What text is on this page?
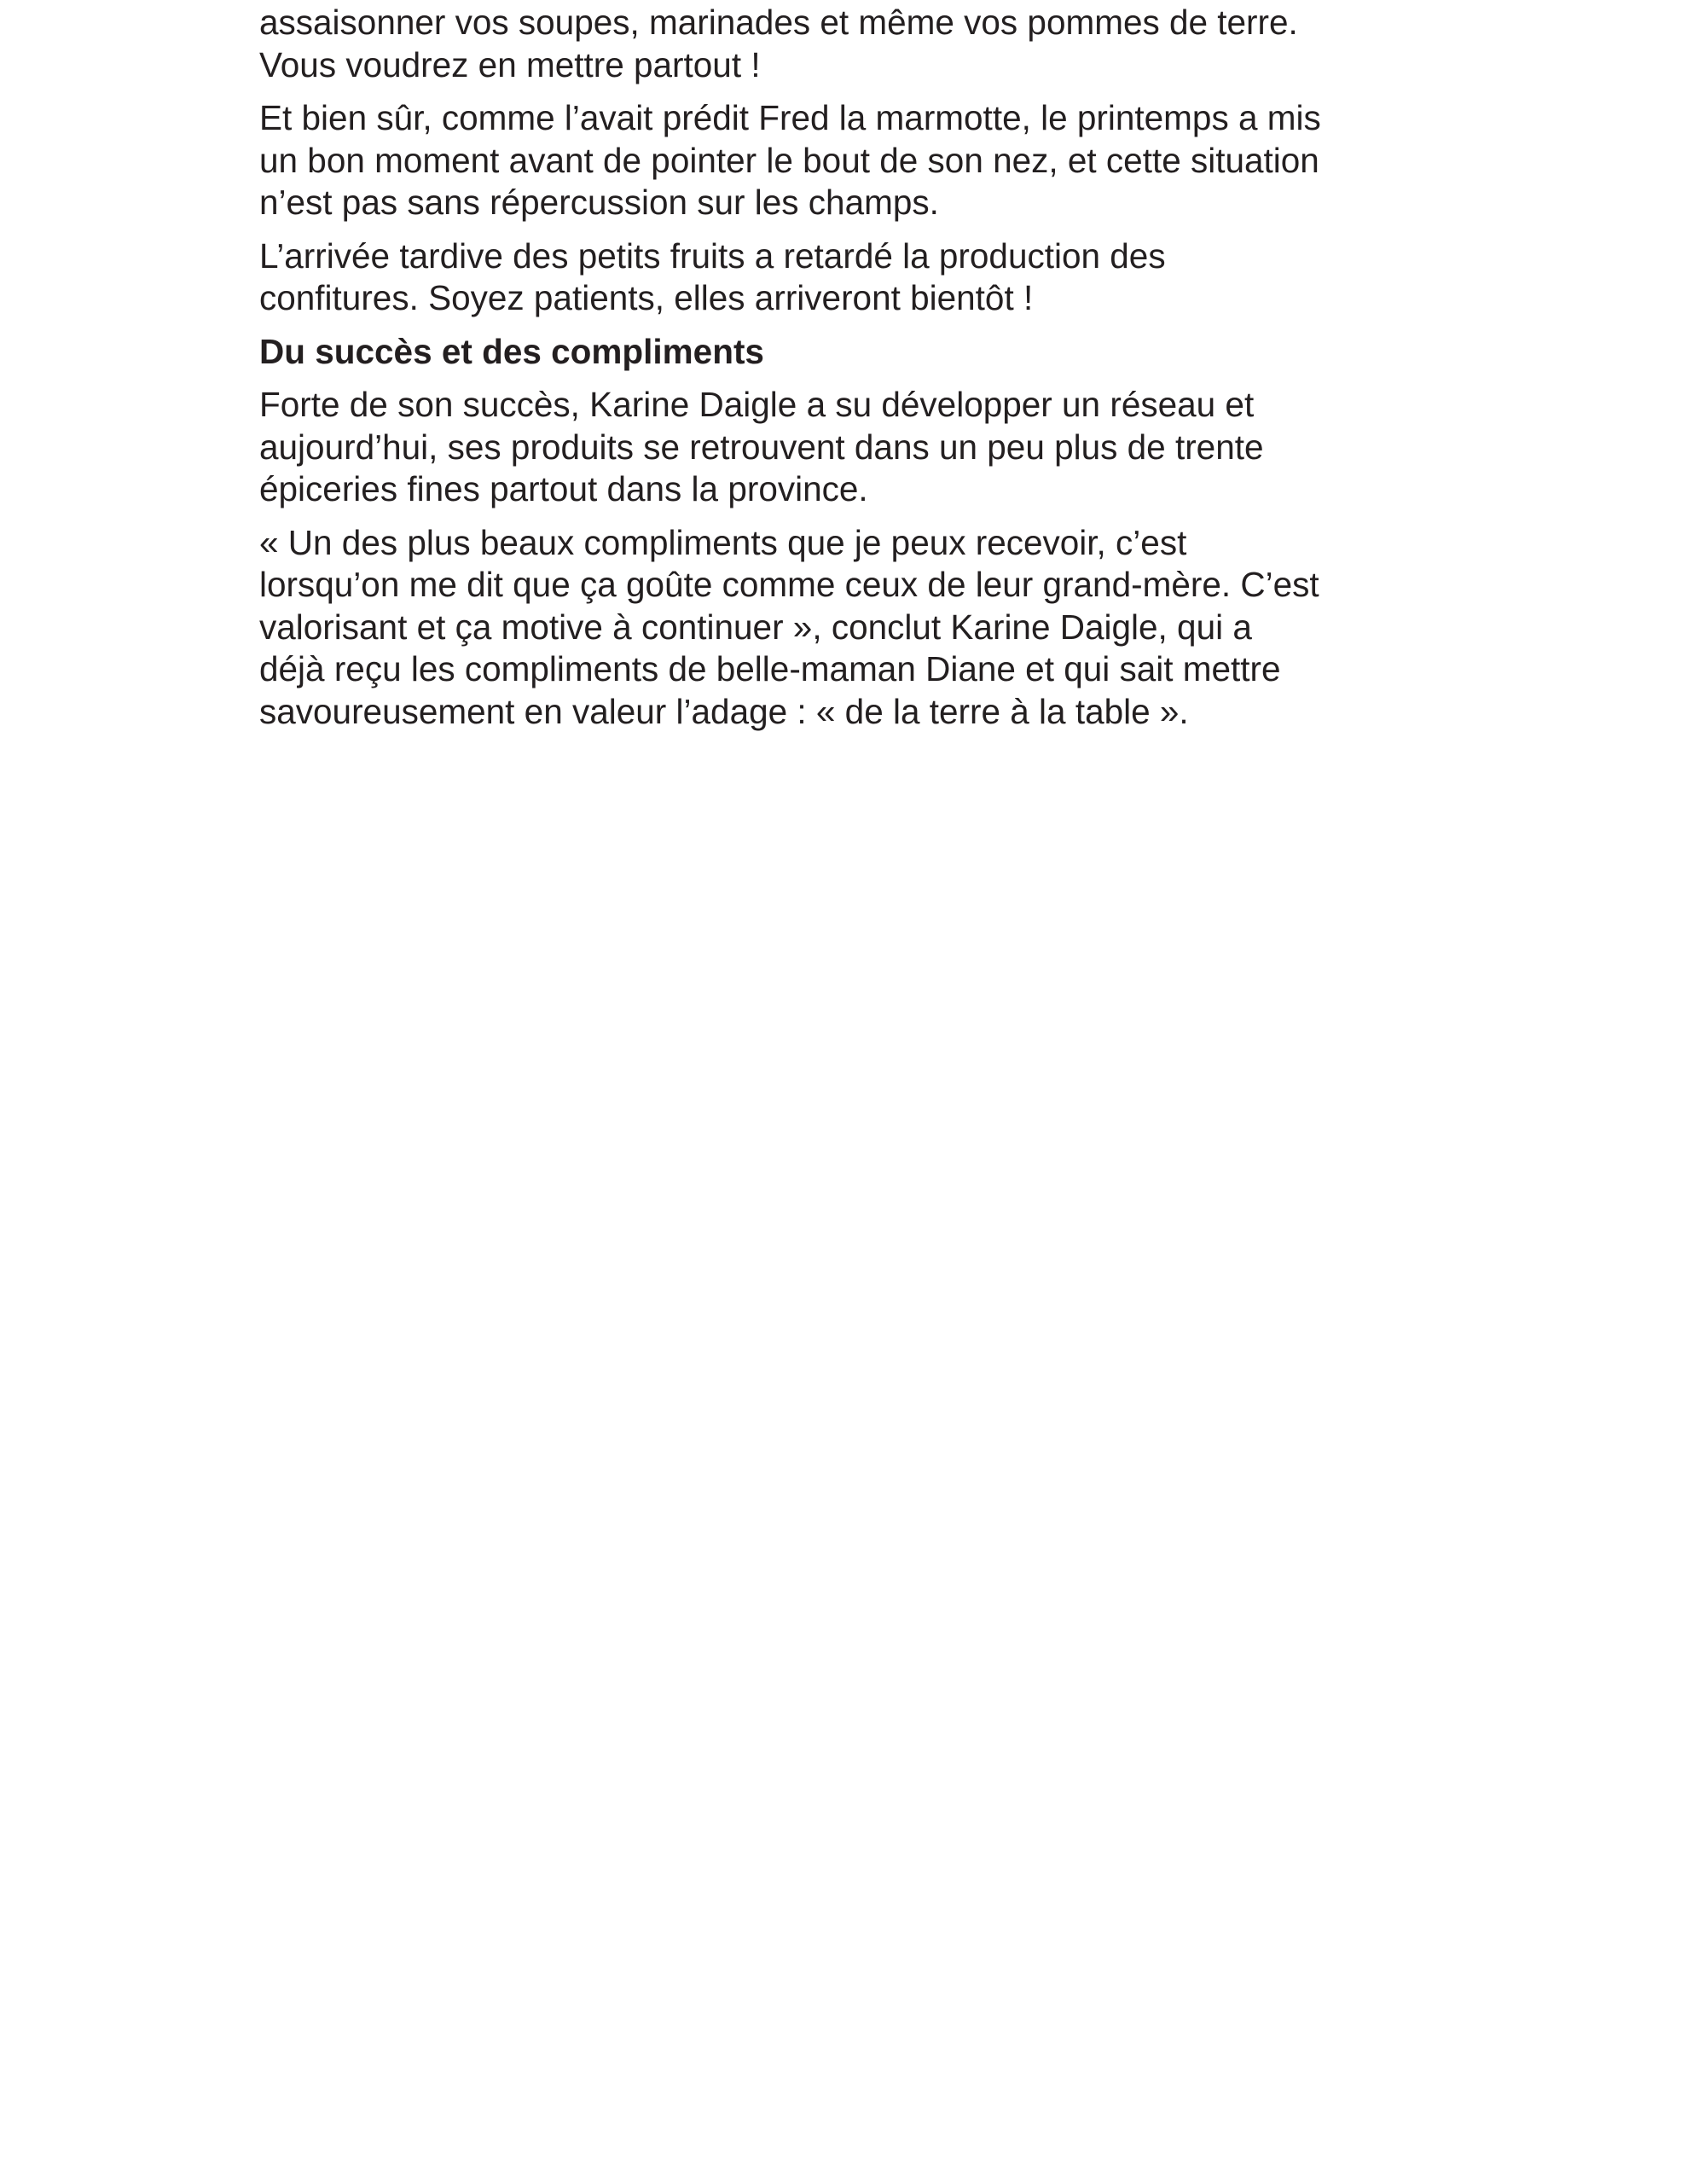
assaisonner vos soupes, marinades et même vos pommes de terre.
Vous voudrez en mettre partout !

Et bien sûr, comme l’avait prédit Fred la marmotte, le printemps a mis
un bon moment avant de pointer le bout de son nez, et cette situation
n’est pas sans répercussion sur les champs.

L’arrivée tardive des petits fruits a retardé la production des
confitures. Soyez patients, elles arriveront bientôt !

Du succès et des compliments

Forte de son succès, Karine Daigle a su développer un réseau et
aujourd’hui, ses produits se retrouvent dans un peu plus de trente
épiceries fines partout dans la province.

« Un des plus beaux compliments que je peux recevoir, c’est
lorsqu’on me dit que ça goûte comme ceux de leur grand-mère. C’est
valorisant et ça motive à continuer », conclut Karine Daigle, qui a
déjà reçu les compliments de belle-maman Diane et qui sait mettre
savoureusement en valeur l’adage : « de la terre à la table ».
